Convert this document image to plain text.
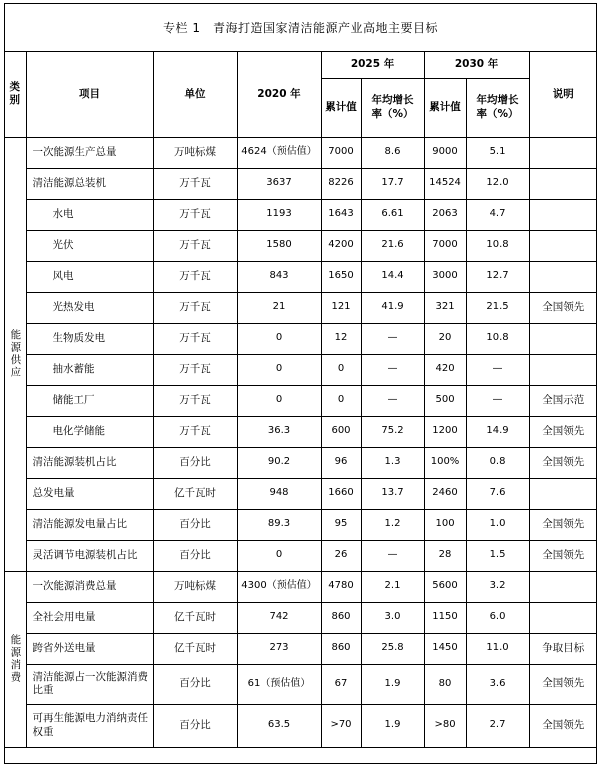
专栏 1　青海打造国家清洁能源产业高地主要目标
类别	项目	单位	2020 年	2025 年		2030 年		说明
				累计值	年均增长率（%）	累计值	年均增长率（%）	
能源供应	一次能源生产总量	万吨标煤	4624（预估值）	7000	8.6	9000	5.1	
	清洁能源总装机	万千瓦	3637	8226	17.7	14524	12.0	
	水电	万千瓦	1193	1643	6.61	2063	4.7	
	光伏	万千瓦	1580	4200	21.6	7000	10.8	
	风电	万千瓦	843	1650	14.4	3000	12.7	
	光热发电	万千瓦	21	121	41.9	321	21.5	全国领先
	生物质发电	万千瓦	0	12	—	20	10.8	
	抽水蓄能	万千瓦	0	0	—	420	—	
	储能工厂	万千瓦	0	0	—	500	—	全国示范
	电化学储能	万千瓦	36.3	600	75.2	1200	14.9	全国领先
	清洁能源装机占比	百分比	90.2	96	1.3	100%	0.8	全国领先
	总发电量	亿千瓦时	948	1660	13.7	2460	7.6	
	清洁能源发电量占比	百分比	89.3	95	1.2	100	1.0	全国领先
	灵活调节电源装机占比	百分比	0	26	—	28	1.5	全国领先
能源消费	一次能源消费总量	万吨标煤	4300（预估值）	4780	2.1	5600	3.2	
	全社会用电量	亿千瓦时	742	860	3.0	1150	6.0	
	跨省外送电量	亿千瓦时	273	860	25.8	1450	11.0	争取目标
	清洁能源占一次能源消费比重	百分比	61（预估值）	67	1.9	80	3.6	全国领先
	可再生能源电力消纳责任权重	百分比	63.5	>70	1.9	>80	2.7	全国领先
